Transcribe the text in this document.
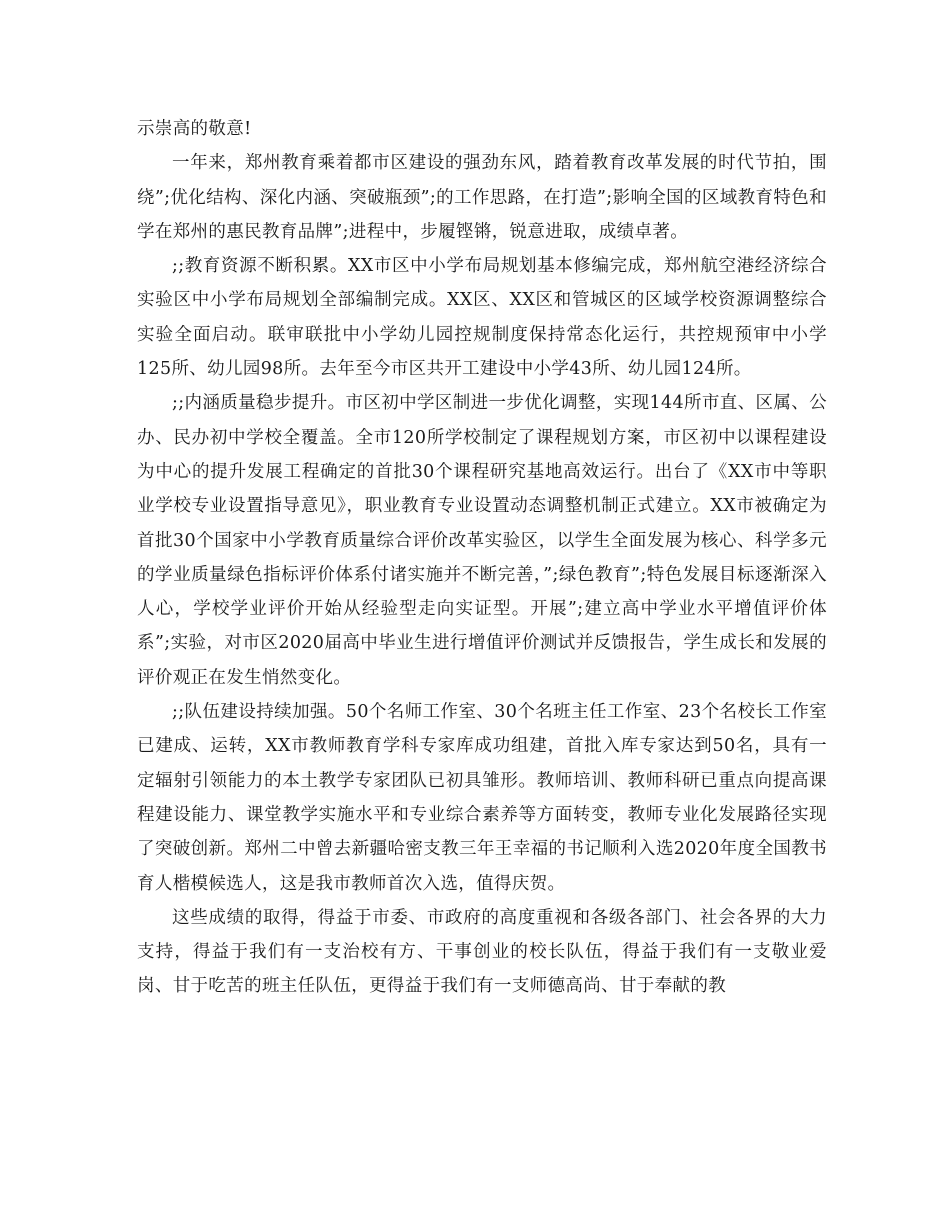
示崇高的敬意!

一年来，郑州教育乘着都市区建设的强劲东风，踏着教育改革发展的时代节拍，围绕”;优化结构、深化内涵、突破瓶颈”;的工作思路，在打造”;影响全国的区域教育特色和学在郑州的惠民教育品牌”;进程中，步履铿锵，锐意进取，成绩卓著。

;;教育资源不断积累。XX市区中小学布局规划基本修编完成，郑州航空港经济综合实验区中小学布局规划全部编制完成。XX区、XX区和管城区的区域学校资源调整综合实验全面启动。联审联批中小学幼儿园控规制度保持常态化运行，共控规预审中小学125所、幼儿园98所。去年至今市区共开工建设中小学43所、幼儿园124所。

;;内涵质量稳步提升。市区初中学区制进一步优化调整，实现144所市直、区属、公办、民办初中学校全覆盖。全市120所学校制定了课程规划方案，市区初中以课程建设为中心的提升发展工程确定的首批30个课程研究基地高效运行。出台了《XX市中等职业学校专业设置指导意见》，职业教育专业设置动态调整机制正式建立。XX市被确定为首批30个国家中小学教育质量综合评价改革实验区，以学生全面发展为核心、科学多元的学业质量绿色指标评价体系付诸实施并不断完善，”;绿色教育”;特色发展目标逐渐深入人心，学校学业评价开始从经验型走向实证型。开展”;建立高中学业水平增值评价体系”;实验，对市区2020届高中毕业生进行增值评价测试并反馈报告，学生成长和发展的评价观正在发生悄然变化。

;;队伍建设持续加强。50个名师工作室、30个名班主任工作室、23个名校长工作室已建成、运转，XX市教师教育学科专家库成功组建，首批入库专家达到50名，具有一定辐射引领能力的本土教学专家团队已初具雏形。教师培训、教师科研已重点向提高课程建设能力、课堂教学实施水平和专业综合素养等方面转变，教师专业化发展路径实现了突破创新。郑州二中曾去新疆哈密支教三年王幸福的书记顺利入选2020年度全国教书育人楷模候选人，这是我市教师首次入选，值得庆贺。

这些成绩的取得，得益于市委、市政府的高度重视和各级各部门、社会各界的大力支持，得益于我们有一支治校有方、干事创业的校长队伍，得益于我们有一支敬业爱岗、甘于吃苦的班主任队伍，更得益于我们有一支师德高尚、甘于奉献的教
